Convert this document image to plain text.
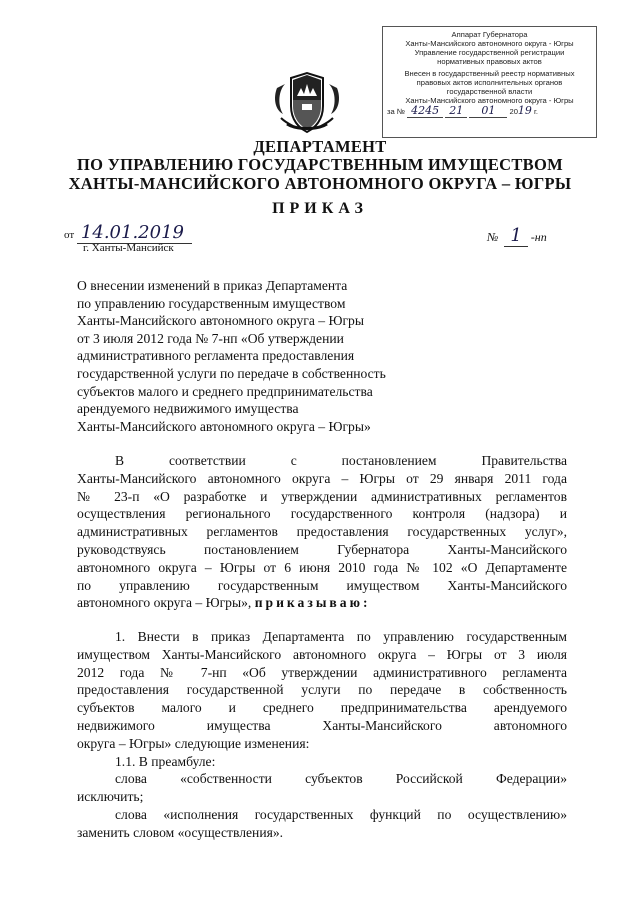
Аппарат Губернатора
Ханты-Мансийского автономного округа - Югры
Управление государственной регистрации
нормативных правовых актов
Внесен в государственный реестр нормативных
правовых актов исполнительных органов
государственной власти
Ханты-Мансийского автономного округа - Югры
за № 4245 21 01 2019 г.
ДЕПАРТАМЕНТ
ПО УПРАВЛЕНИЮ ГОСУДАРСТВЕННЫМ ИМУЩЕСТВОМ
ХАНТЫ-МАНСИЙСКОГО АВТОНОМНОГО ОКРУГА – ЮГРЫ
ПРИКАЗ
от 14.01.2019
г. Ханты-Мансийск
№ 1 -нп
О внесении изменений в приказ Департамента
по управлению государственным имуществом
Ханты-Мансийского автономного округа – Югры
от 3 июля 2012 года № 7-нп «Об утверждении
административного регламента предоставления
государственной услуги по передаче в собственность
субъектов малого и среднего предпринимательства
арендуемого недвижимого имущества
Ханты-Мансийского автономного округа – Югры»
В соответствии с постановлением Правительства
Ханты-Мансийского автономного округа – Югры от 29 января 2011 года
№ 23-п «О разработке и утверждении административных регламентов
осуществления регионального государственного контроля (надзора) и
административных регламентов предоставления государственных услуг»,
руководствуясь постановлением Губернатора Ханты-Мансийского
автономного округа – Югры от 6 июня 2010 года № 102 «О Департаменте
по управлению государственным имуществом Ханты-Мансийского
автономного округа – Югры», приказываю:
1. Внести в приказ Департамента по управлению государственным
имуществом Ханты-Мансийского автономного округа – Югры от 3 июля
2012 года № 7-нп «Об утверждении административного регламента
предоставления государственной услуги по передаче в собственность
субъектов малого и среднего предпринимательства арендуемого
недвижимого имущества Ханты-Мансийского автономного
округа – Югры» следующие изменения:
1.1. В преамбуле:
слова «собственности субъектов Российской Федерации»
исключить;
слова «исполнения государственных функций по осуществлению»
заменить словом «осуществления».
